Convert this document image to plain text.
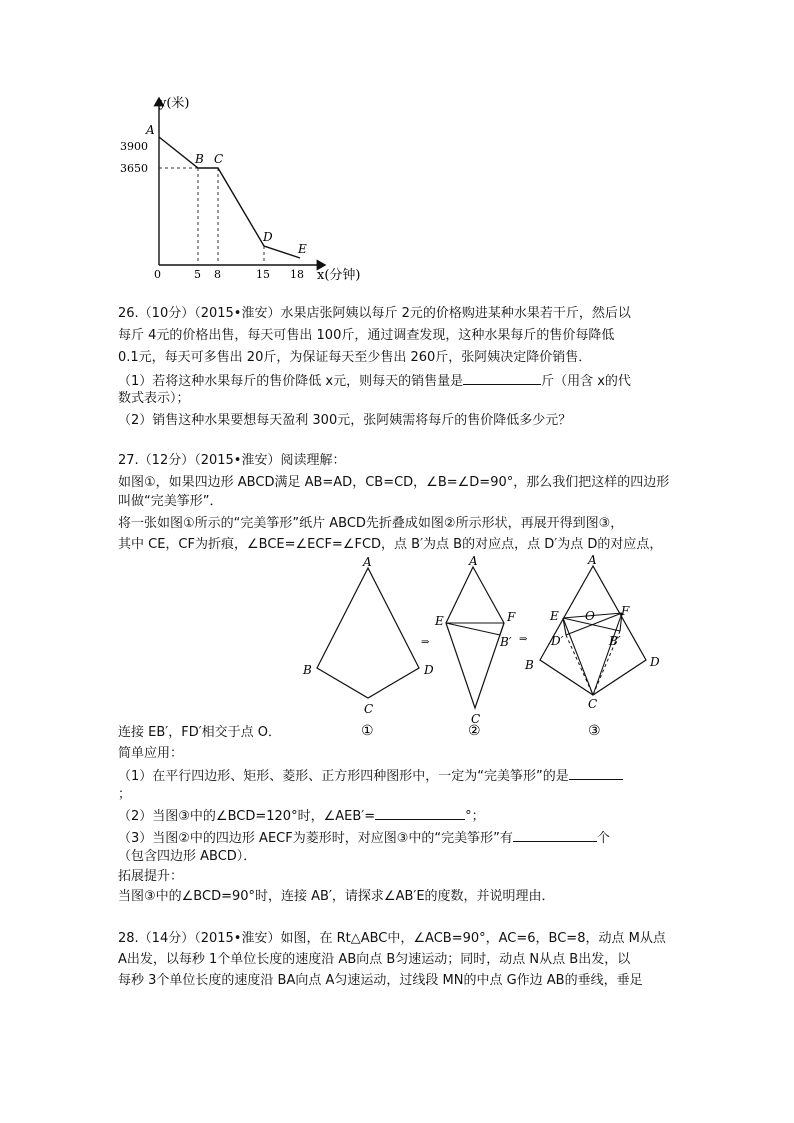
y(米)
x(分钟)
0
3900
3650
5 8	15 18
A
B C
D
E
26.（10分）（2015•淮安）水果店张阿姨以每斤 2元的价格购进某种水果若干斤，然后以
每斤 4元的价格出售，每天可售出 100斤，通过调查发现，这种水果每斤的售价每降低
0.1元，每天可多售出 20斤，为保证每天至少售出 260斤，张阿姨决定降价销售．
（1）若将这种水果每斤的售价降低 x元，则每天的销售量是	斤（用含 x的代
数式表示）；
（2）销售这种水果要想每天盈利 300元，张阿姨需将每斤的售价降低多少元？
27.（12分）（2015•淮安）阅读理解：
如图①，如果四边形 ABCD满足 AB=AD，CB=CD，∠B=∠D=90°，那么我们把这样的四边形
叫做“完美筝形”．
将一张如图①所示的“完美筝形”纸片 ABCD先折叠成如图②所示形状，再展开得到图③，
其中 CE，CF为折痕，∠BCE=∠ECF=∠FCD，点 B′为点 B的对应点，点 D′为点 D的对应点，
A
B
C
D
①
⇒
A
E	F
B′
C
②
⇒
A
E O F
D′	B′
B	D
C
③
连接 EB′，FD′相交于点 O．
简单应用：
（1）在平行四边形、矩形、菱形、正方形四种图形中，一定为“完美筝形”的是
；
（2）当图③中的∠BCD=120°时，∠AEB′=	°；
（3）当图②中的四边形 AECF为菱形时，对应图③中的“完美筝形”有	个
（包含四边形 ABCD）．
拓展提升：
当图③中的∠BCD=90°时，连接 AB′，请探求∠AB′E的度数，并说明理由．
28.（14分）（2015•淮安）如图，在 Rt△ABC中，∠ACB=90°，AC=6，BC=8，动点 M从点
A出发，以每秒 1个单位长度的速度沿 AB向点 B匀速运动；同时，动点 N从点 B出发，以
每秒 3个单位长度的速度沿 BA向点 A匀速运动，过线段 MN的中点 G作边 AB的垂线，垂足
